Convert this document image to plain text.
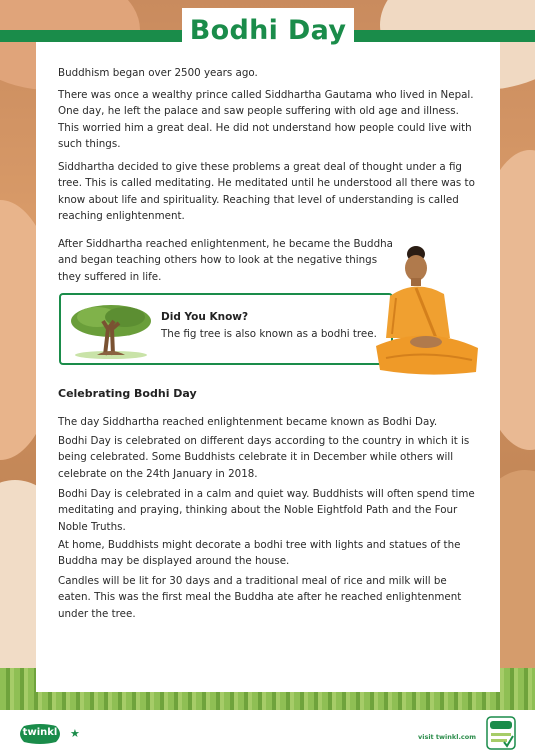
Bodhi Day

Buddhism began over 2500 years ago.

There was once a wealthy prince called Siddhartha Gautama who lived in Nepal. One day, he left the palace and saw people suffering with old age and illness. This worried him a great deal. He did not understand how people could live with such things.

Siddhartha decided to give these problems a great deal of thought under a fig tree. This is called meditating. He meditated until he understood all there was to know about life and spirituality. Reaching that level of understanding is called reaching enlightenment.

After Siddhartha reached enlightenment, he became the Buddha and began teaching others how to look at the negative things they suffered in life.

Did You Know?

The fig tree is also known as a bodhi tree.

Celebrating Bodhi Day

The day Siddhartha reached enlightenment became known as Bodhi Day.

Bodhi Day is celebrated on different days according to the country in which it is being celebrated. Some Buddhists celebrate it in December while others will celebrate on the 24th January in 2018.

Bodhi Day is celebrated in a calm and quiet way. Buddhists will often spend time meditating and praying, thinking about the Noble Eightfold Path and the Four Noble Truths.

At home, Buddhists might decorate a bodhi tree with lights and statues of the Buddha may be displayed around the house.

Candles will be lit for 30 days and a traditional meal of rice and milk will be eaten. This was the first meal the Buddha ate after he reached enlightenment under the tree.

twinkl ★	visit twinkl.com
